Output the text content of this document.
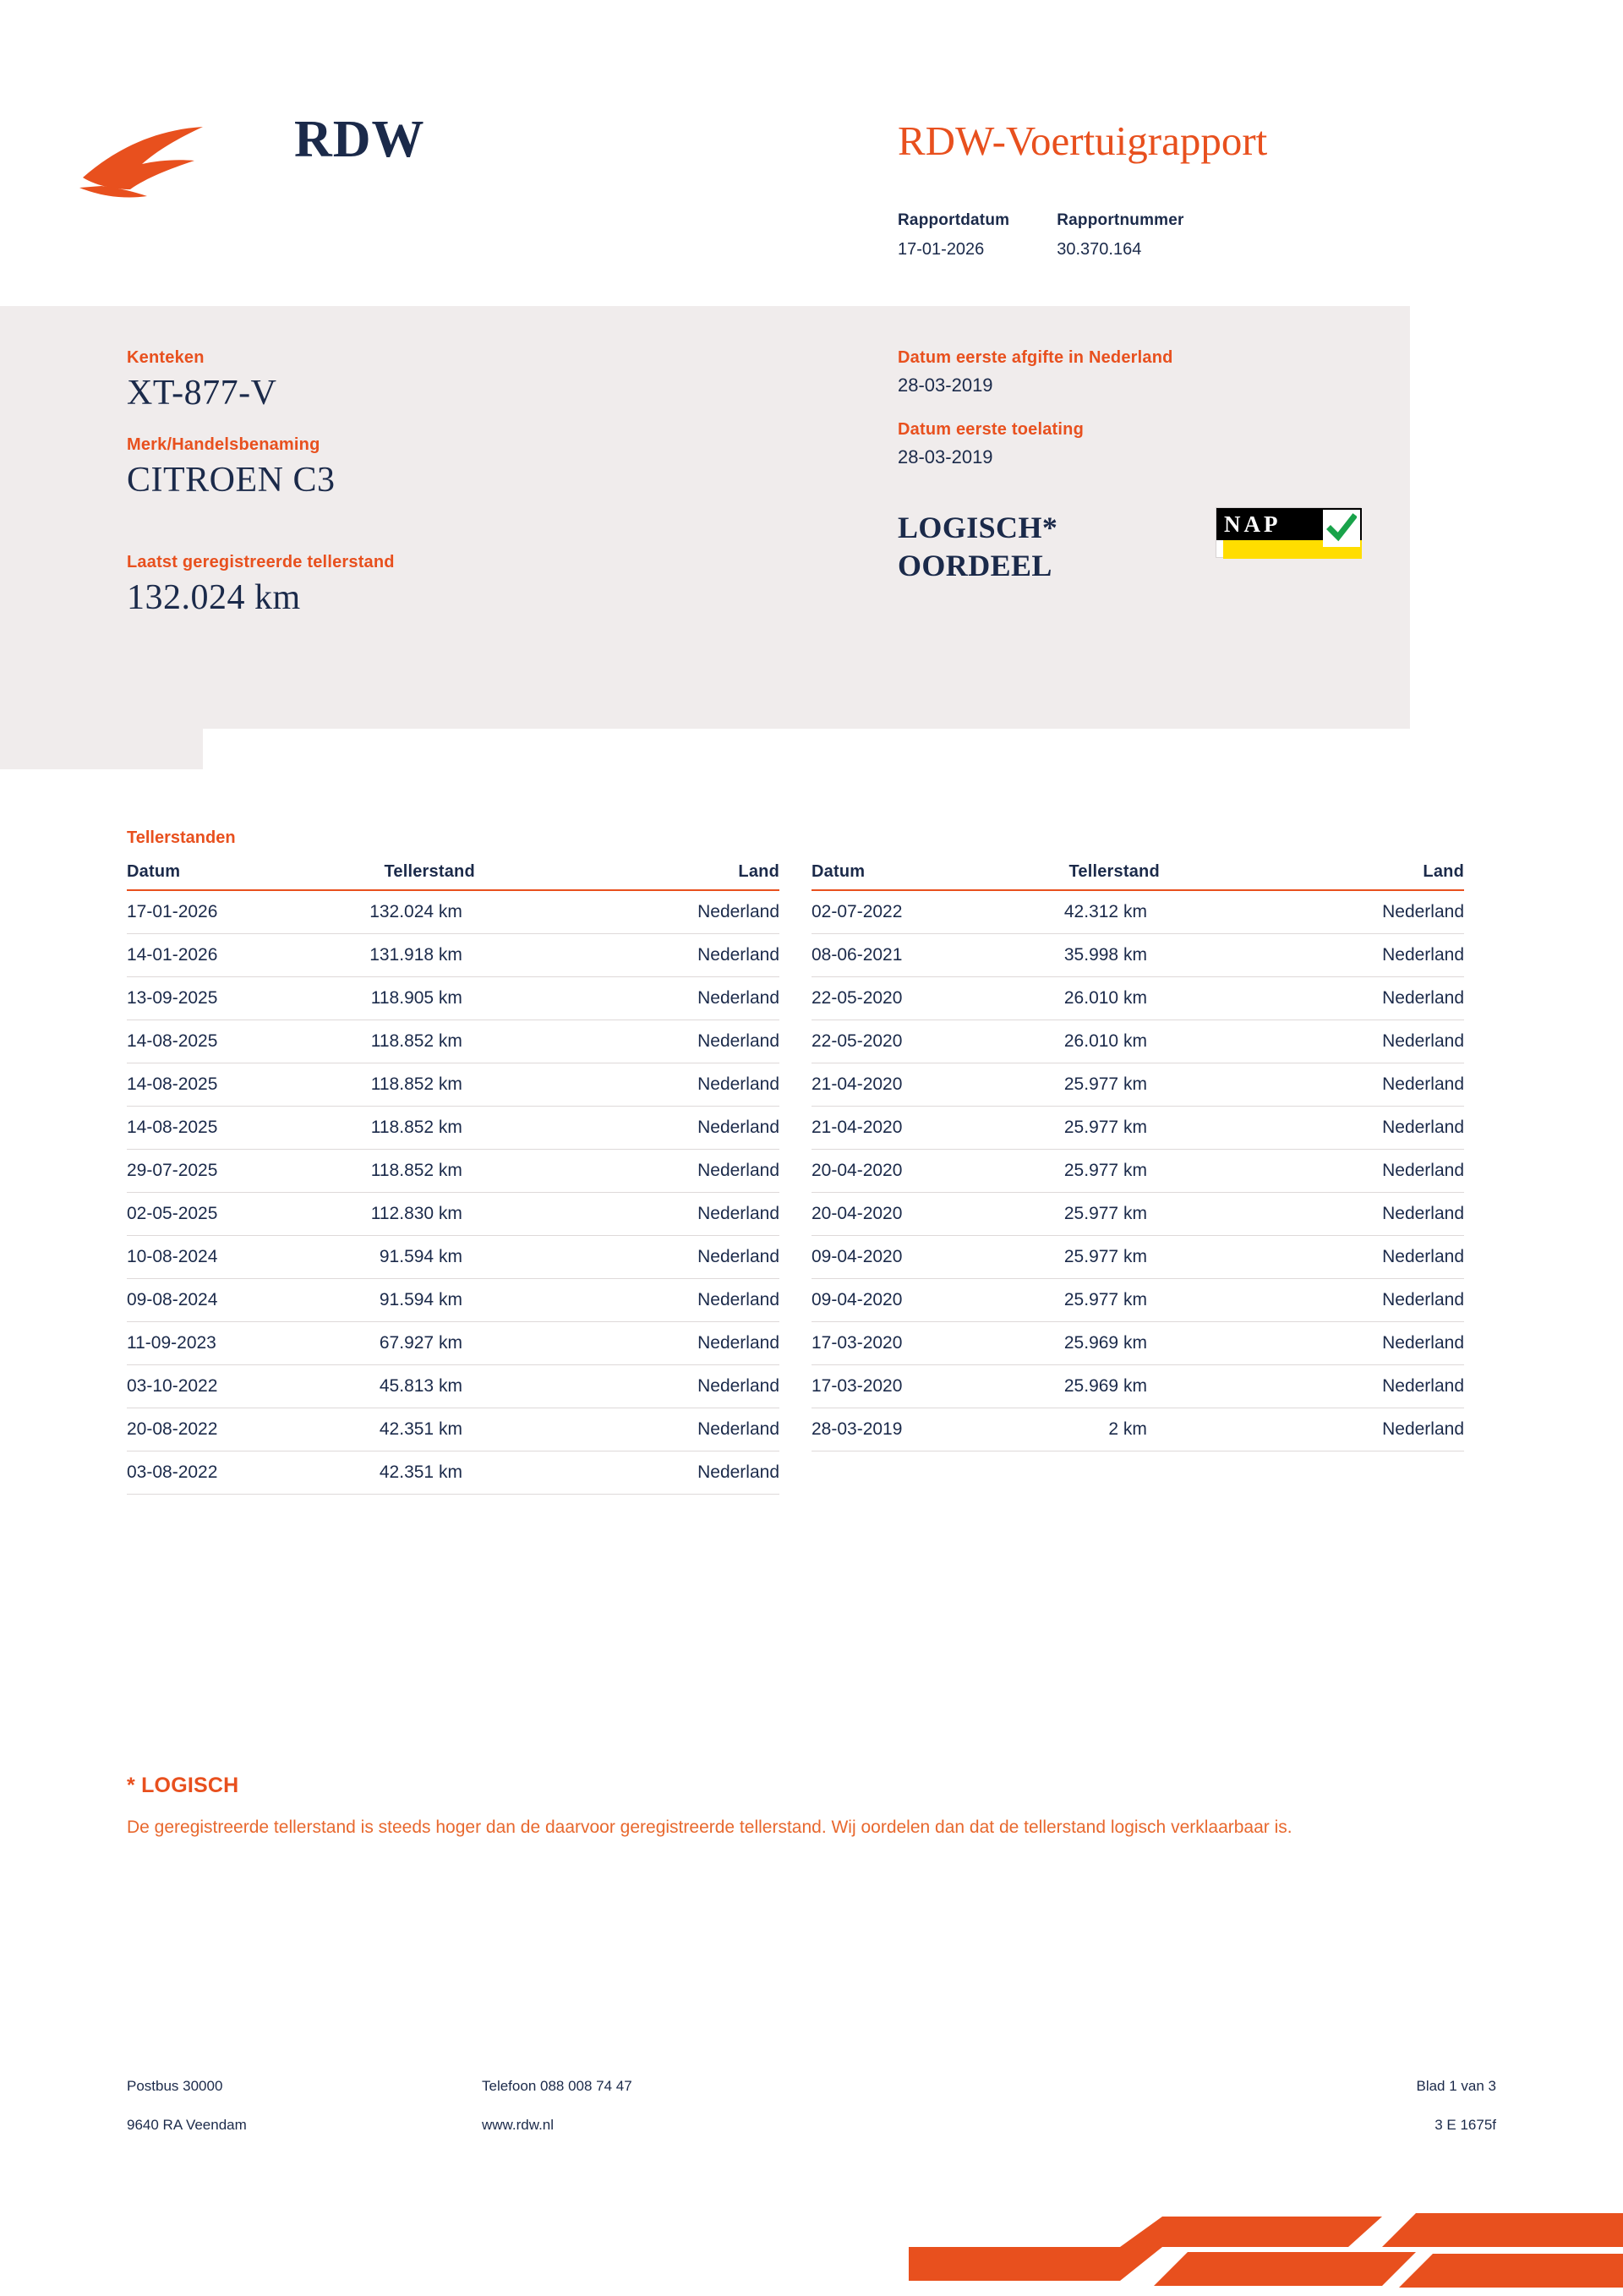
RDW	RDW-Voertuigrapport
Rapportdatum
17-01-2026
Rapportnummer
30.370.164
Kenteken
XT-877-V
Merk/Handelsbenaming
CITROEN C3
Laatst geregistreerde tellerstand
132.024 km
Datum eerste afgifte in Nederland
28-03-2019
Datum eerste toelating
28-03-2019
LOGISCH*
OORDEEL
NAP
Tellerstanden
Datum	Tellerstand	Land
17-01-2026	132.024 km	Nederland
14-01-2026	131.918 km	Nederland
13-09-2025	118.905 km	Nederland
14-08-2025	118.852 km	Nederland
14-08-2025	118.852 km	Nederland
14-08-2025	118.852 km	Nederland
29-07-2025	118.852 km	Nederland
02-05-2025	112.830 km	Nederland
10-08-2024	91.594 km	Nederland
09-08-2024	91.594 km	Nederland
11-09-2023	67.927 km	Nederland
03-10-2022	45.813 km	Nederland
20-08-2022	42.351 km	Nederland
03-08-2022	42.351 km	Nederland
Datum	Tellerstand	Land
02-07-2022	42.312 km	Nederland
08-06-2021	35.998 km	Nederland
22-05-2020	26.010 km	Nederland
22-05-2020	26.010 km	Nederland
21-04-2020	25.977 km	Nederland
21-04-2020	25.977 km	Nederland
20-04-2020	25.977 km	Nederland
20-04-2020	25.977 km	Nederland
09-04-2020	25.977 km	Nederland
09-04-2020	25.977 km	Nederland
17-03-2020	25.969 km	Nederland
17-03-2020	25.969 km	Nederland
28-03-2019	2 km	Nederland
* LOGISCH
De geregistreerde tellerstand is steeds hoger dan de daarvoor geregistreerde tellerstand. Wij oordelen dan dat de tellerstand logisch verklaarbaar is.
Postbus 30000	Telefoon 088 008 74 47	Blad 1 van 3
9640 RA Veendam	www.rdw.nl	3 E 1675f
